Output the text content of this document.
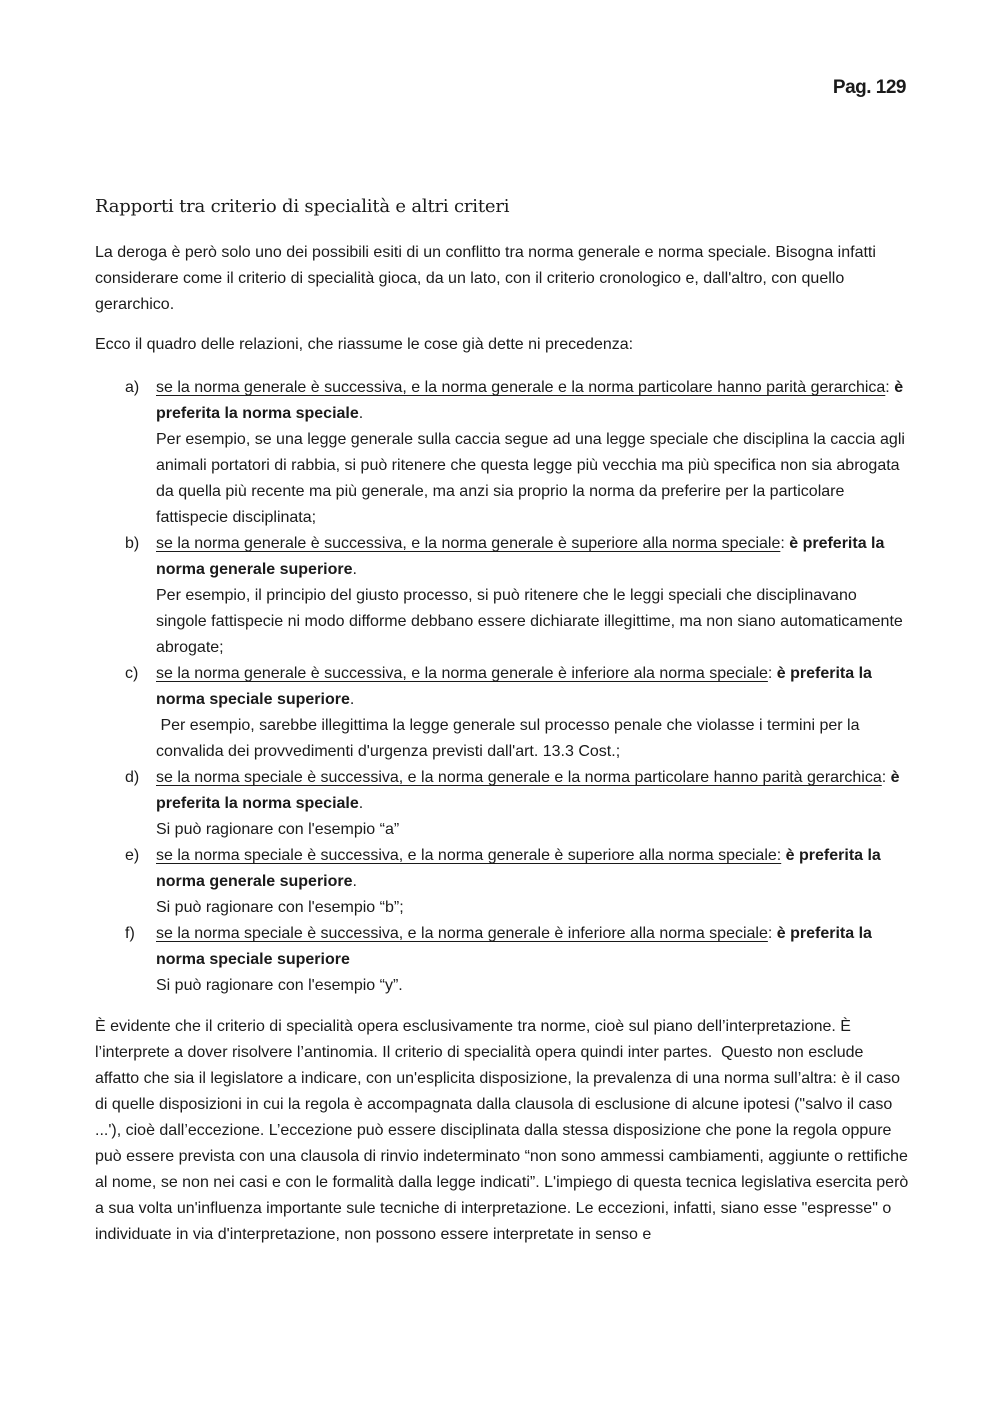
Pag. 129
Rapporti tra criterio di specialità e altri criteri

La deroga è però solo uno dei possibili esiti di un conflitto tra norma generale e norma speciale. Bisogna infatti considerare come il criterio di specialità gioca, da un lato, con il criterio cronologico e, dall'altro, con quello gerarchico.

Ecco il quadro delle relazioni, che riassume le cose già dette ni precedenza:

a) se la norma generale è successiva, e la norma generale e la norma particolare hanno parità gerarchica: è preferita la norma speciale.
Per esempio, se una legge generale sulla caccia segue ad una legge speciale che disciplina la caccia agli animali portatori di rabbia, si può ritenere che questa legge più vecchia ma più specifica non sia abrogata da quella più recente ma più generale, ma anzi sia proprio la norma da preferire per la particolare fattispecie disciplinata;
b) se la norma generale è successiva, e la norma generale è superiore alla norma speciale: è preferita la norma generale superiore.
Per esempio, il principio del giusto processo, si può ritenere che le leggi speciali che disciplinavano singole fattispecie ni modo difforme debbano essere dichiarate illegittime, ma non siano automaticamente abrogate;
c) se la norma generale è successiva, e la norma generale è inferiore ala norma speciale: è preferita la norma speciale superiore.
Per esempio, sarebbe illegittima la legge generale sul processo penale che violasse i termini per la convalida dei provvedimenti d'urgenza previsti dall'art. 13.3 Cost.;
d) se la norma speciale è successiva, e la norma generale e la norma particolare hanno parità gerarchica: è preferita la norma speciale.
Si può ragionare con l'esempio “a”
e) se la norma speciale è successiva, e la norma generale è superiore alla norma speciale: è preferita la norma generale superiore.
Si può ragionare con l'esempio “b”;
f) se la norma speciale è successiva, e la norma generale è inferiore alla norma speciale: è preferita la norma speciale superiore
Si può ragionare con l'esempio “y”.

È evidente che il criterio di specialità opera esclusivamente tra norme, cioè sul piano dell’interpretazione. È l’interprete a dover risolvere l’antinomia. Il criterio di specialità opera quindi inter partes.  Questo non esclude affatto che sia il legislatore a indicare, con un'esplicita disposizione, la prevalenza di una norma sull’altra: è il caso di quelle disposizioni in cui la regola è accompagnata dalla clausola di esclusione di alcune ipotesi ("salvo il caso ...'), cioè dall’eccezione. L’eccezione può essere disciplinata dalla stessa disposizione che pone la regola oppure può essere prevista con una clausola di rinvio indeterminato “non sono ammessi cambiamenti, aggiunte o rettifiche al nome, se non nei casi e con le formalità dalla legge indicati”. L'impiego di questa tecnica legislativa esercita però a sua volta un'influenza importante sule tecniche di interpretazione. Le eccezioni, infatti, siano esse "espresse" o individuate in via d'interpretazione, non possono essere interpretate in senso e
